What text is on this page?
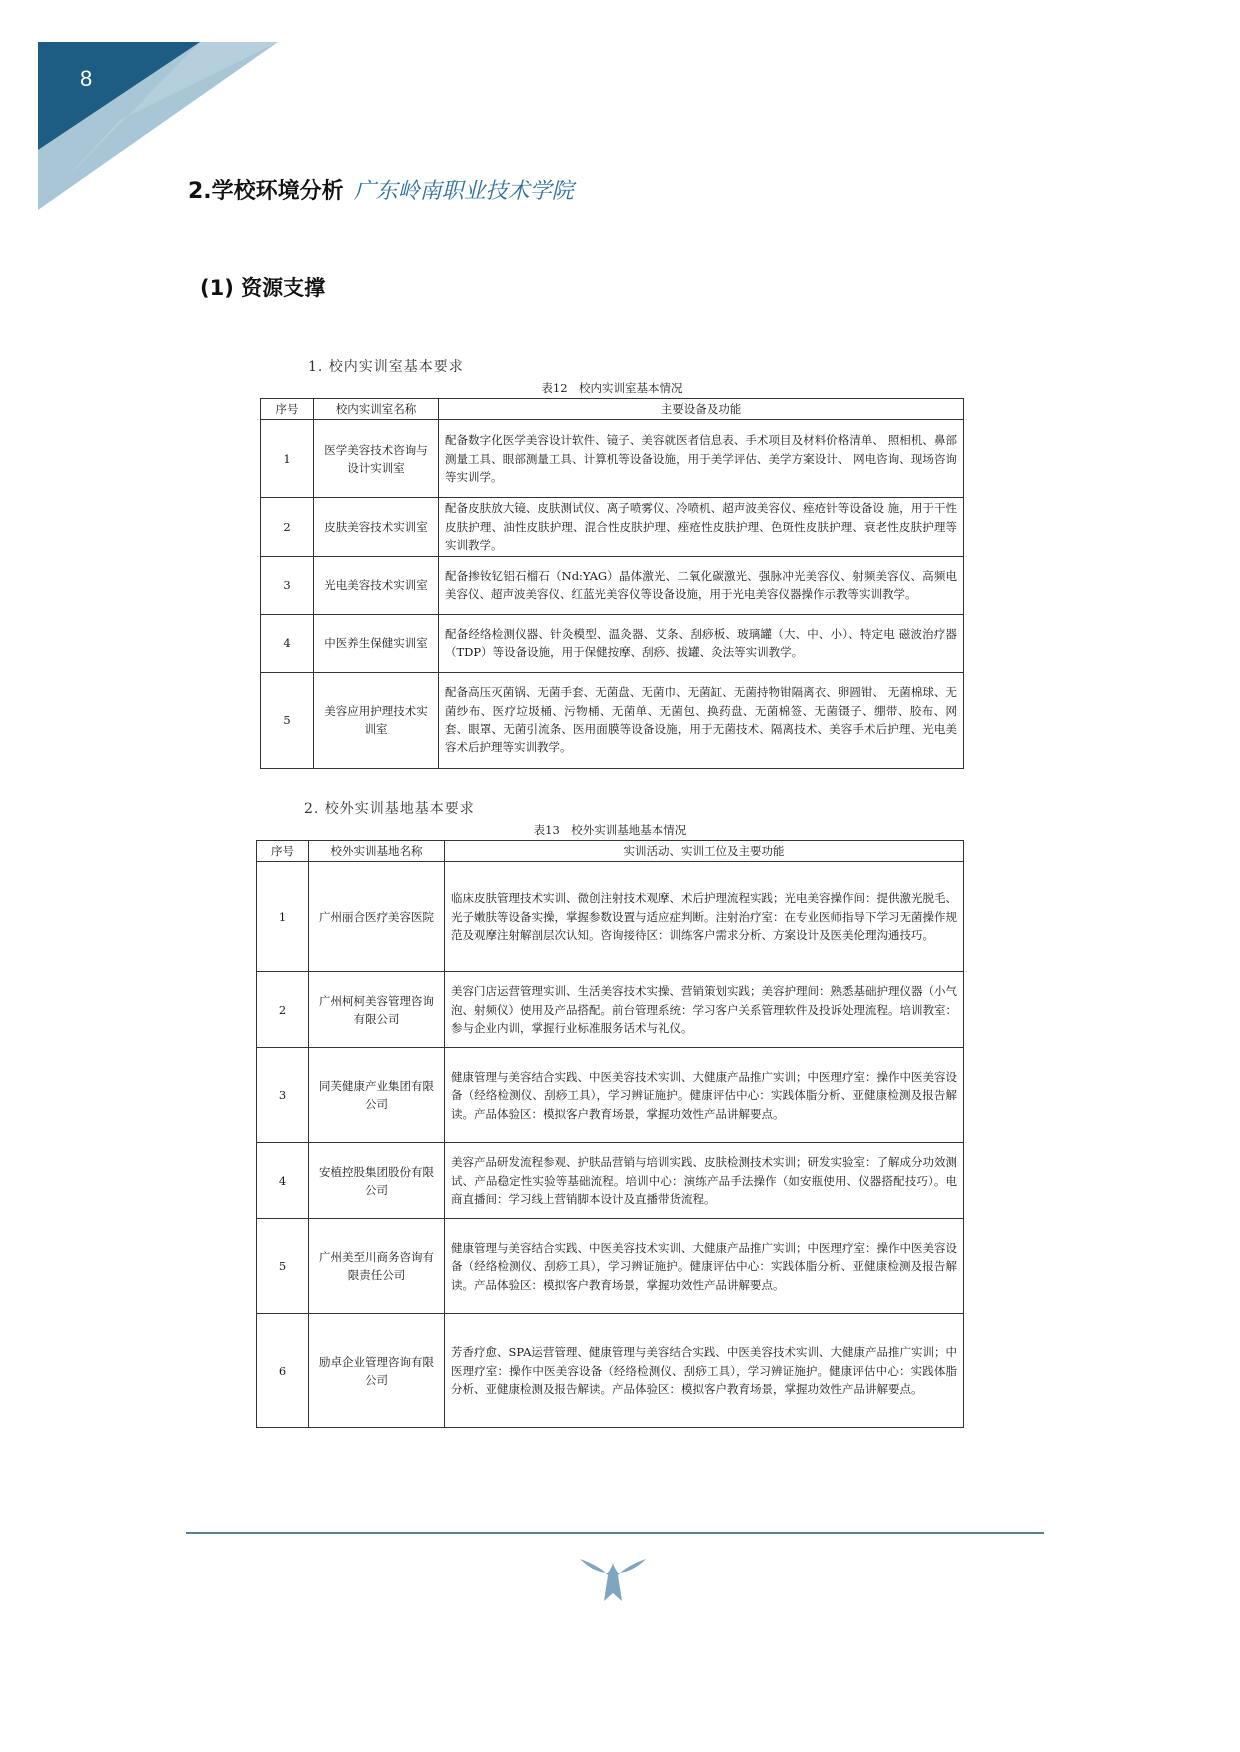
8
2.学校环境分析 广东岭南职业技术学院
(1) 资源支撑
1. 校内实训室基本要求
表12　校内实训室基本情况
序号	校内实训室名称	主要设备及功能
1	医学美容技术咨询与设计实训室	配备数字化医学美容设计软件、镜子、美容就医者信息表、手术项目及材料价格清单、 照相机、鼻部测量工具、眼部测量工具、计算机等设备设施，用于美学评估、美学方案设计、 网电咨询、现场咨询等实训学。
2	皮肤美容技术实训室	配备皮肤放大镜、皮肤测试仪、离子喷雾仪、冷喷机、超声波美容仪、痤疮针等设备设 施，用于干性皮肤护理、油性皮肤护理、混合性皮肤护理、痤疮性皮肤护理、色斑性皮肤护理、衰老性皮肤护理等实训教学。
3	光电美容技术实训室	配备掺钕钇铝石榴石（Nd:YAG）晶体激光、二氧化碳激光、强脉冲光美容仪、射频美容仪、高频电美容仪、超声波美容仪、红蓝光美容仪等设备设施，用于光电美容仪器操作示教等实训教学。
4	中医养生保健实训室	配备经络检测仪器、针灸模型、温灸器、艾条、刮痧板、玻璃罐（大、中、小）、特定电 磁波治疗器（TDP）等设备设施，用于保健按摩、刮痧、拔罐、灸法等实训教学。
5	美容应用护理技术实训室	配备高压灭菌锅、无菌手套、无菌盘、无菌巾、无菌缸、无菌持物钳隔离衣、卵圆钳、 无菌棉球、无菌纱布、医疗垃圾桶、污物桶、无菌单、无菌包、换药盘、无菌棉签、无菌镊子、绷带、胶布、网套、眼罩、无菌引流条、医用面膜等设备设施，用于无菌技术、隔离技术、美容手术后护理、光电美容术后护理等实训教学。
2. 校外实训基地基本要求
表13　校外实训基地基本情况
序号	校外实训基地名称	实训活动、实训工位及主要功能
1	广州丽合医疗美容医院	临床皮肤管理技术实训、微创注射技术观摩、术后护理流程实践；光电美容操作间：提供激光脱毛、光子嫩肤等设备实操，掌握参数设置与适应症判断。注射治疗室：在专业医师指导下学习无菌操作规范及观摩注射解剖层次认知。咨询接待区：训练客户需求分析、方案设计及医美伦理沟通技巧。
2	广州柯柯美容管理咨询有限公司	美容门店运营管理实训、生活美容技术实操、营销策划实践；美容护理间：熟悉基础护理仪器（小气泡、射频仪）使用及产品搭配。前台管理系统：学习客户关系管理软件及投诉处理流程。培训教室：参与企业内训，掌握行业标准服务话术与礼仪。
3	同芙健康产业集团有限公司	健康管理与美容结合实践、中医美容技术实训、大健康产品推广实训；中医理疗室：操作中医美容设备（经络检测仪、刮痧工具），学习辨证施护。健康评估中心：实践体脂分析、亚健康检测及报告解读。产品体验区：模拟客户教育场景，掌握功效性产品讲解要点。
4	安植控股集团股份有限公司	美容产品研发流程参观、护肤品营销与培训实践、皮肤检测技术实训；研发实验室：了解成分功效测试、产品稳定性实验等基础流程。培训中心：演练产品手法操作（如安瓶使用、仪器搭配技巧）。电商直播间：学习线上营销脚本设计及直播带货流程。
5	广州美至川商务咨询有限责任公司	健康管理与美容结合实践、中医美容技术实训、大健康产品推广实训；中医理疗室：操作中医美容设备（经络检测仪、刮痧工具），学习辨证施护。健康评估中心：实践体脂分析、亚健康检测及报告解读。产品体验区：模拟客户教育场景，掌握功效性产品讲解要点。
6	励卓企业管理咨询有限公司	芳香疗愈、SPA运营管理、健康管理与美容结合实践、中医美容技术实训、大健康产品推广实训；中医理疗室：操作中医美容设备（经络检测仪、刮痧工具），学习辨证施护。健康评估中心：实践体脂分析、亚健康检测及报告解读。产品体验区：模拟客户教育场景，掌握功效性产品讲解要点。
